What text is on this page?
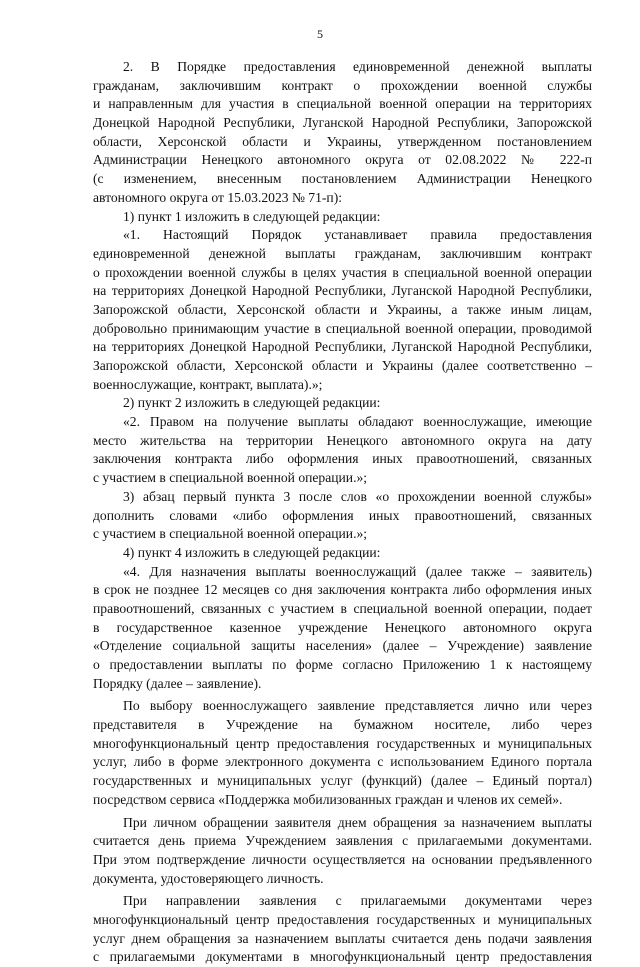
5
2. В Порядке предоставления единовременной денежной выплаты
гражданам, заключившим контракт о прохождении военной службы
и направленным для участия в специальной военной операции на территориях
Донецкой Народной Республики, Луганской Народной Республики, Запорожской
области, Херсонской области и Украины, утвержденном постановлением
Администрации Ненецкого автономного округа от 02.08.2022 № 222-п
(с изменением, внесенным постановлением Администрации Ненецкого
автономного округа от 15.03.2023 № 71-п):
1) пункт 1 изложить в следующей редакции:
«1. Настоящий Порядок устанавливает правила предоставления
единовременной денежной выплаты гражданам, заключившим контракт
о прохождении военной службы в целях участия в специальной военной операции
на территориях Донецкой Народной Республики, Луганской Народной Республики,
Запорожской области, Херсонской области и Украины, а также иным лицам,
добровольно принимающим участие в специальной военной операции, проводимой
на территориях Донецкой Народной Республики, Луганской Народной Республики,
Запорожской области, Херсонской области и Украины (далее соответственно –
военнослужащие, контракт, выплата).»;
2) пункт 2 изложить в следующей редакции:
«2. Правом на получение выплаты обладают военнослужащие, имеющие
место жительства на территории Ненецкого автономного округа на дату
заключения контракта либо оформления иных правоотношений, связанных
с участием в специальной военной операции.»;
3) абзац первый пункта 3 после слов «о прохождении военной службы»
дополнить словами «либо оформления иных правоотношений, связанных
с участием в специальной военной операции.»;
4) пункт 4 изложить в следующей редакции:
«4. Для назначения выплаты военнослужащий (далее также – заявитель)
в срок не позднее 12 месяцев со дня заключения контракта либо оформления иных
правоотношений, связанных с участием в специальной военной операции, подает
в государственное казенное учреждение Ненецкого автономного округа
«Отделение социальной защиты населения» (далее – Учреждение) заявление
о предоставлении выплаты по форме согласно Приложению 1 к настоящему
Порядку (далее – заявление).
По выбору военнослужащего заявление представляется лично или через
представителя в Учреждение на бумажном носителе, либо через
многофункциональный центр предоставления государственных и муниципальных
услуг, либо в форме электронного документа с использованием Единого портала
государственных и муниципальных услуг (функций) (далее – Единый портал)
посредством сервиса «Поддержка мобилизованных граждан и членов их семей».
При личном обращении заявителя днем обращения за назначением выплаты
считается день приема Учреждением заявления с прилагаемыми документами.
При этом подтверждение личности осуществляется на основании предъявленного
документа, удостоверяющего личность.
При направлении заявления с прилагаемыми документами через
многофункциональный центр предоставления государственных и муниципальных
услуг днем обращения за назначением выплаты считается день подачи заявления
с прилагаемыми документами в многофункциональный центр предоставления
